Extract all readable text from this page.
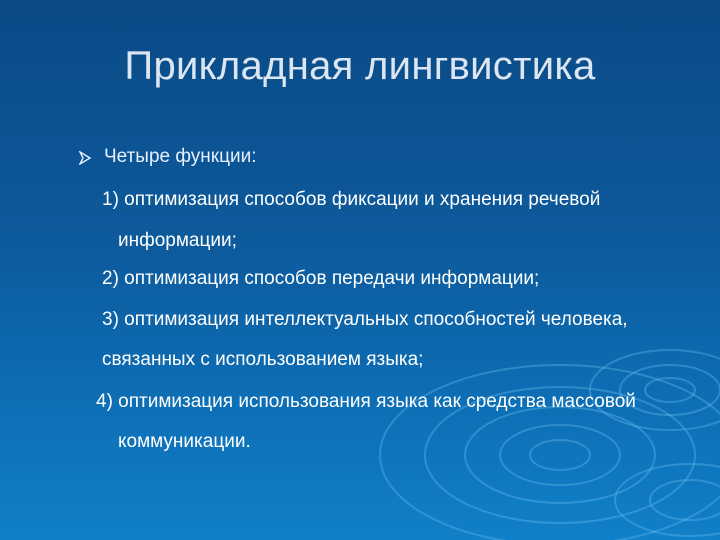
Прикладная лингвистика
Четыре функции:
1) оптимизация способов фиксации и хранения речевой
информации;
2) оптимизация способов передачи информации;
3) оптимизация интеллектуальных способностей человека,
связанных с использованием языка;
4) оптимизация использования языка как средства массовой
коммуникации.
